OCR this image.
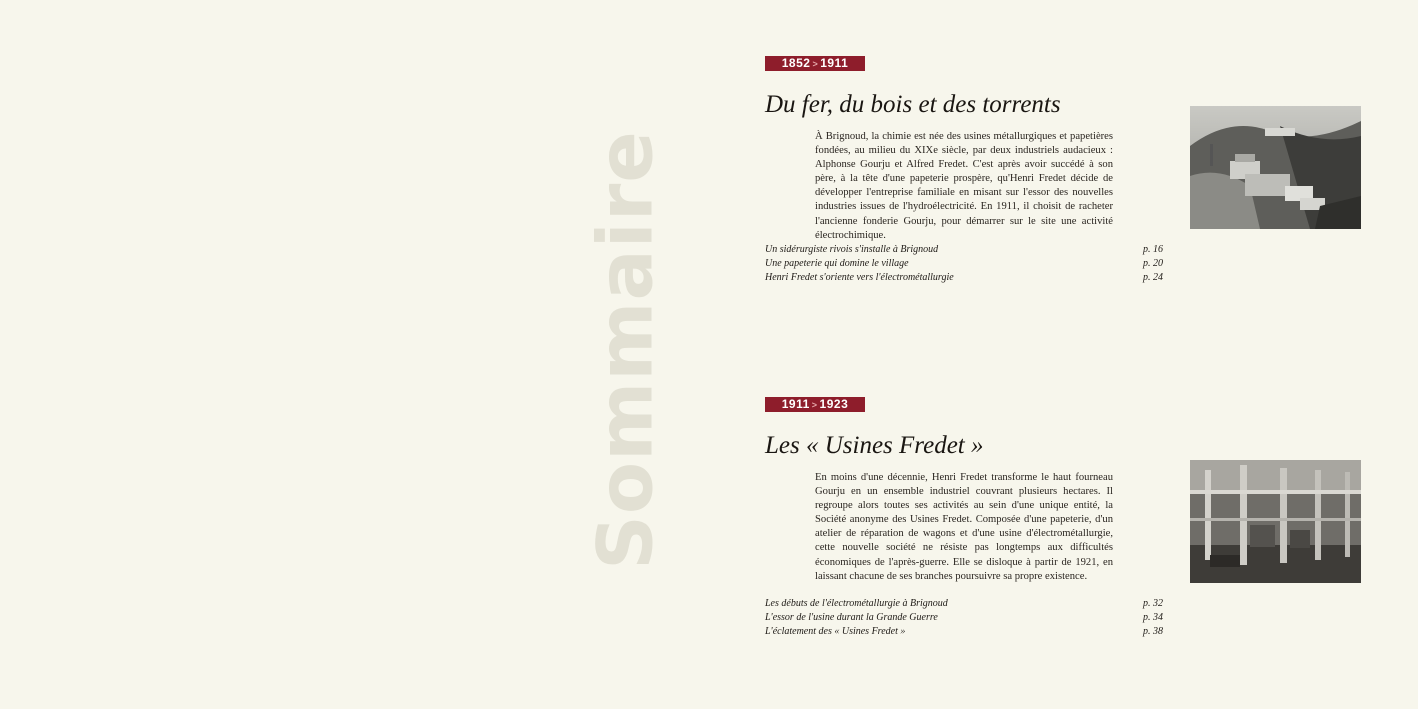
Sommaire
1852 > 1911
Du fer, du bois et des torrents

À Brignoud, la chimie est née des usines métallurgiques et papetières fondées, au milieu du XIXe siècle, par deux industriels audacieux : Alphonse Gourju et Alfred Fredet. C'est après avoir succédé à son père, à la tête d'une papeterie prospère, qu'Henri Fredet décide de développer l'entreprise familiale en misant sur l'essor des nouvelles industries issues de l'hydroélectricité. En 1911, il choisit de racheter l'ancienne fonderie Gourju, pour démarrer sur le site une activité électrochimique.

Un sidérurgiste rivois s'installe à Brignoud	p. 16
Une papeterie qui domine le village	p. 20
Henri Fredet s'oriente vers l'électrométallurgie	p. 24
1911 > 1923
Les « Usines Fredet »

En moins d'une décennie, Henri Fredet transforme le haut fourneau Gourju en un ensemble industriel couvrant plusieurs hectares. Il regroupe alors toutes ses activités au sein d'une unique entité, la Société anonyme des Usines Fredet. Composée d'une papeterie, d'un atelier de réparation de wagons et d'une usine d'électrométallurgie, cette nouvelle société ne résiste pas longtemps aux difficultés économiques de l'après-guerre. Elle se disloque à partir de 1921, en laissant chacune de ses branches poursuivre sa propre existence.

Les débuts de l'électrométallurgie à Brignoud	p. 32
L'essor de l'usine durant la Grande Guerre	p. 34
L'éclatement des « Usines Fredet »	p. 38
